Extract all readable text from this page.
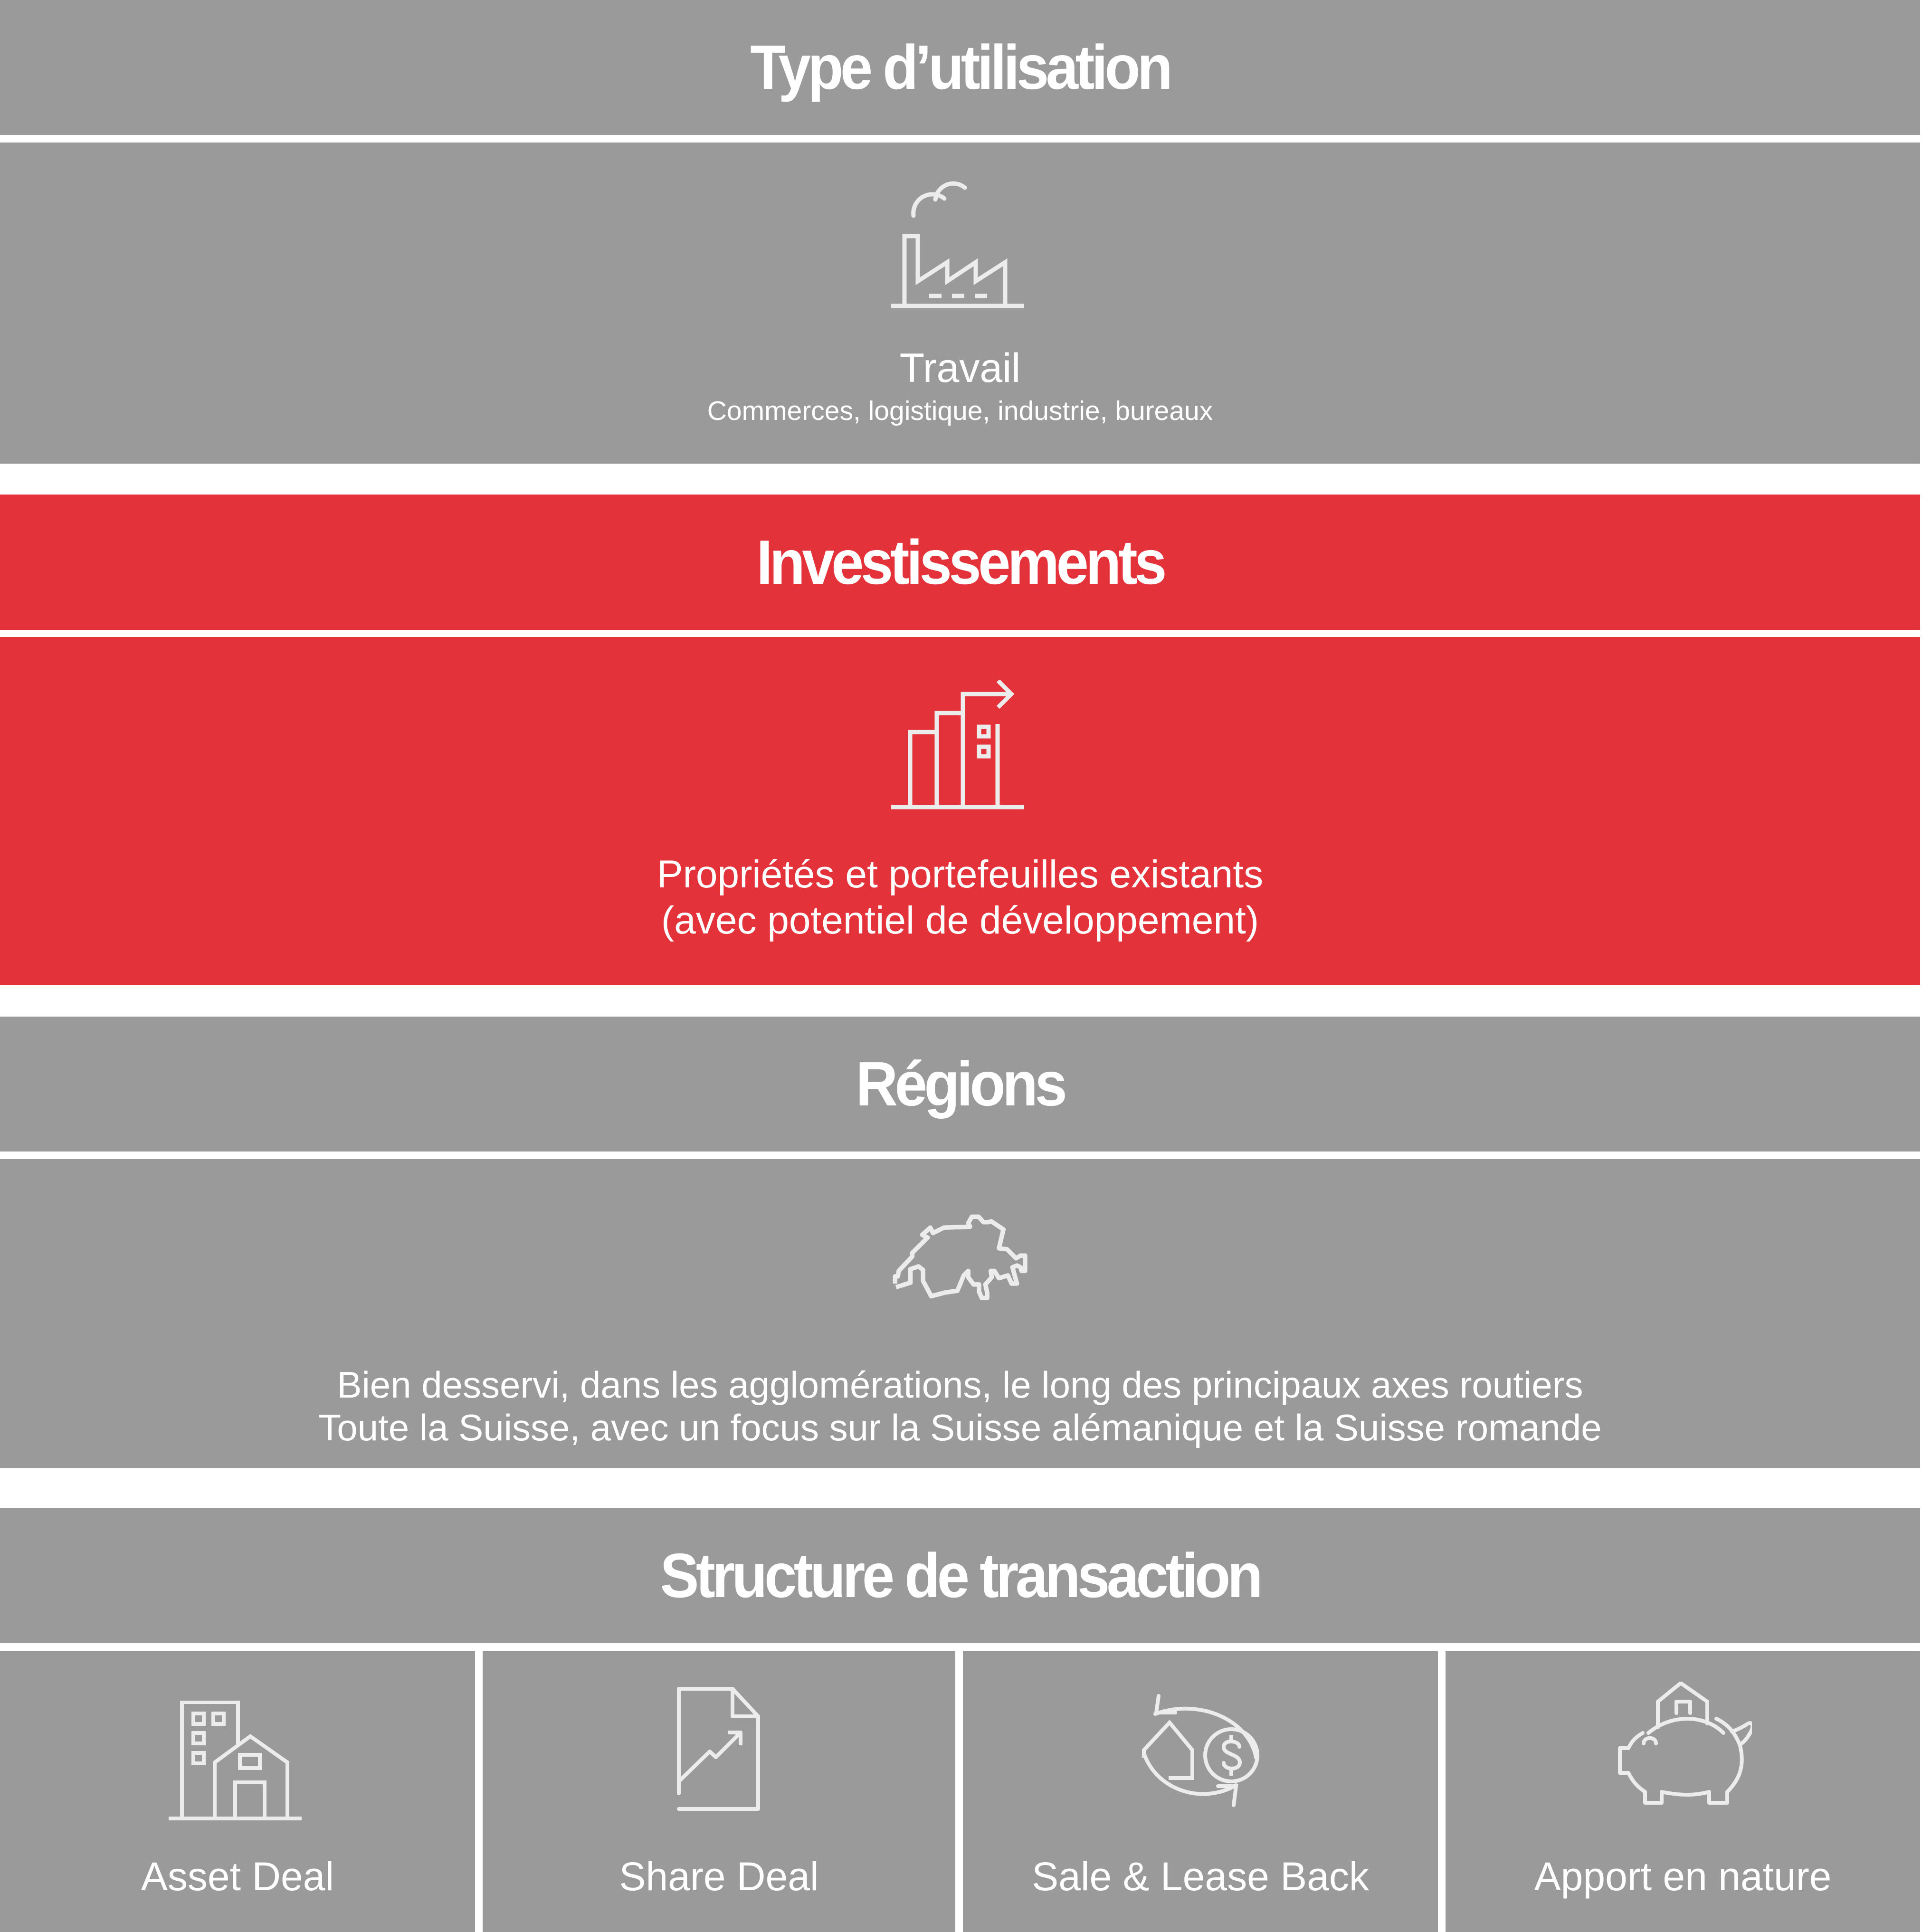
Type d’utilisation
Travail
Commerces, logistique, industrie, bureaux
Investissements
Propriétés et portefeuilles existants
(avec potentiel de développement)
Régions
Bien desservi, dans les agglomérations, le long des principaux axes routiers
Toute la Suisse, avec un focus sur la Suisse alémanique et la Suisse romande
Structure de transaction
Asset Deal	Share Deal	Sale & Lease Back	Apport en nature
